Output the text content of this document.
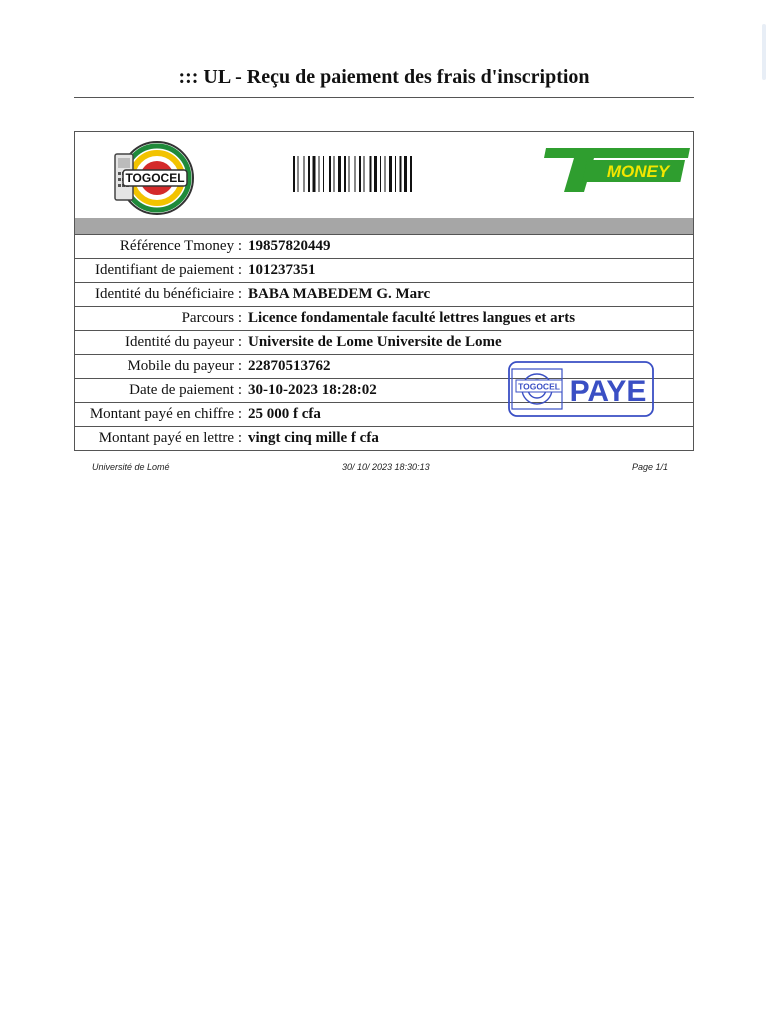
::: UL - Reçu de paiement des frais d'inscription
TOGOCEL
T
MONEY
Référence Tmoney : 19857820449
Identifiant de paiement : 101237351
Identité du bénéficiaire : BABA MABEDEM G. Marc
Parcours : Licence fondamentale faculté lettres langues et arts
Identité du payeur : Universite de Lome Universite de Lome
Mobile du payeur : 22870513762
Date de paiement : 30-10-2023 18:28:02
Montant payé en chiffre : 25 000 f cfa
Montant payé en lettre : vingt cinq mille f cfa
TOGOCEL PAYE
Université de Lomé	30/ 10/ 2023 18:30:13	Page 1/1
